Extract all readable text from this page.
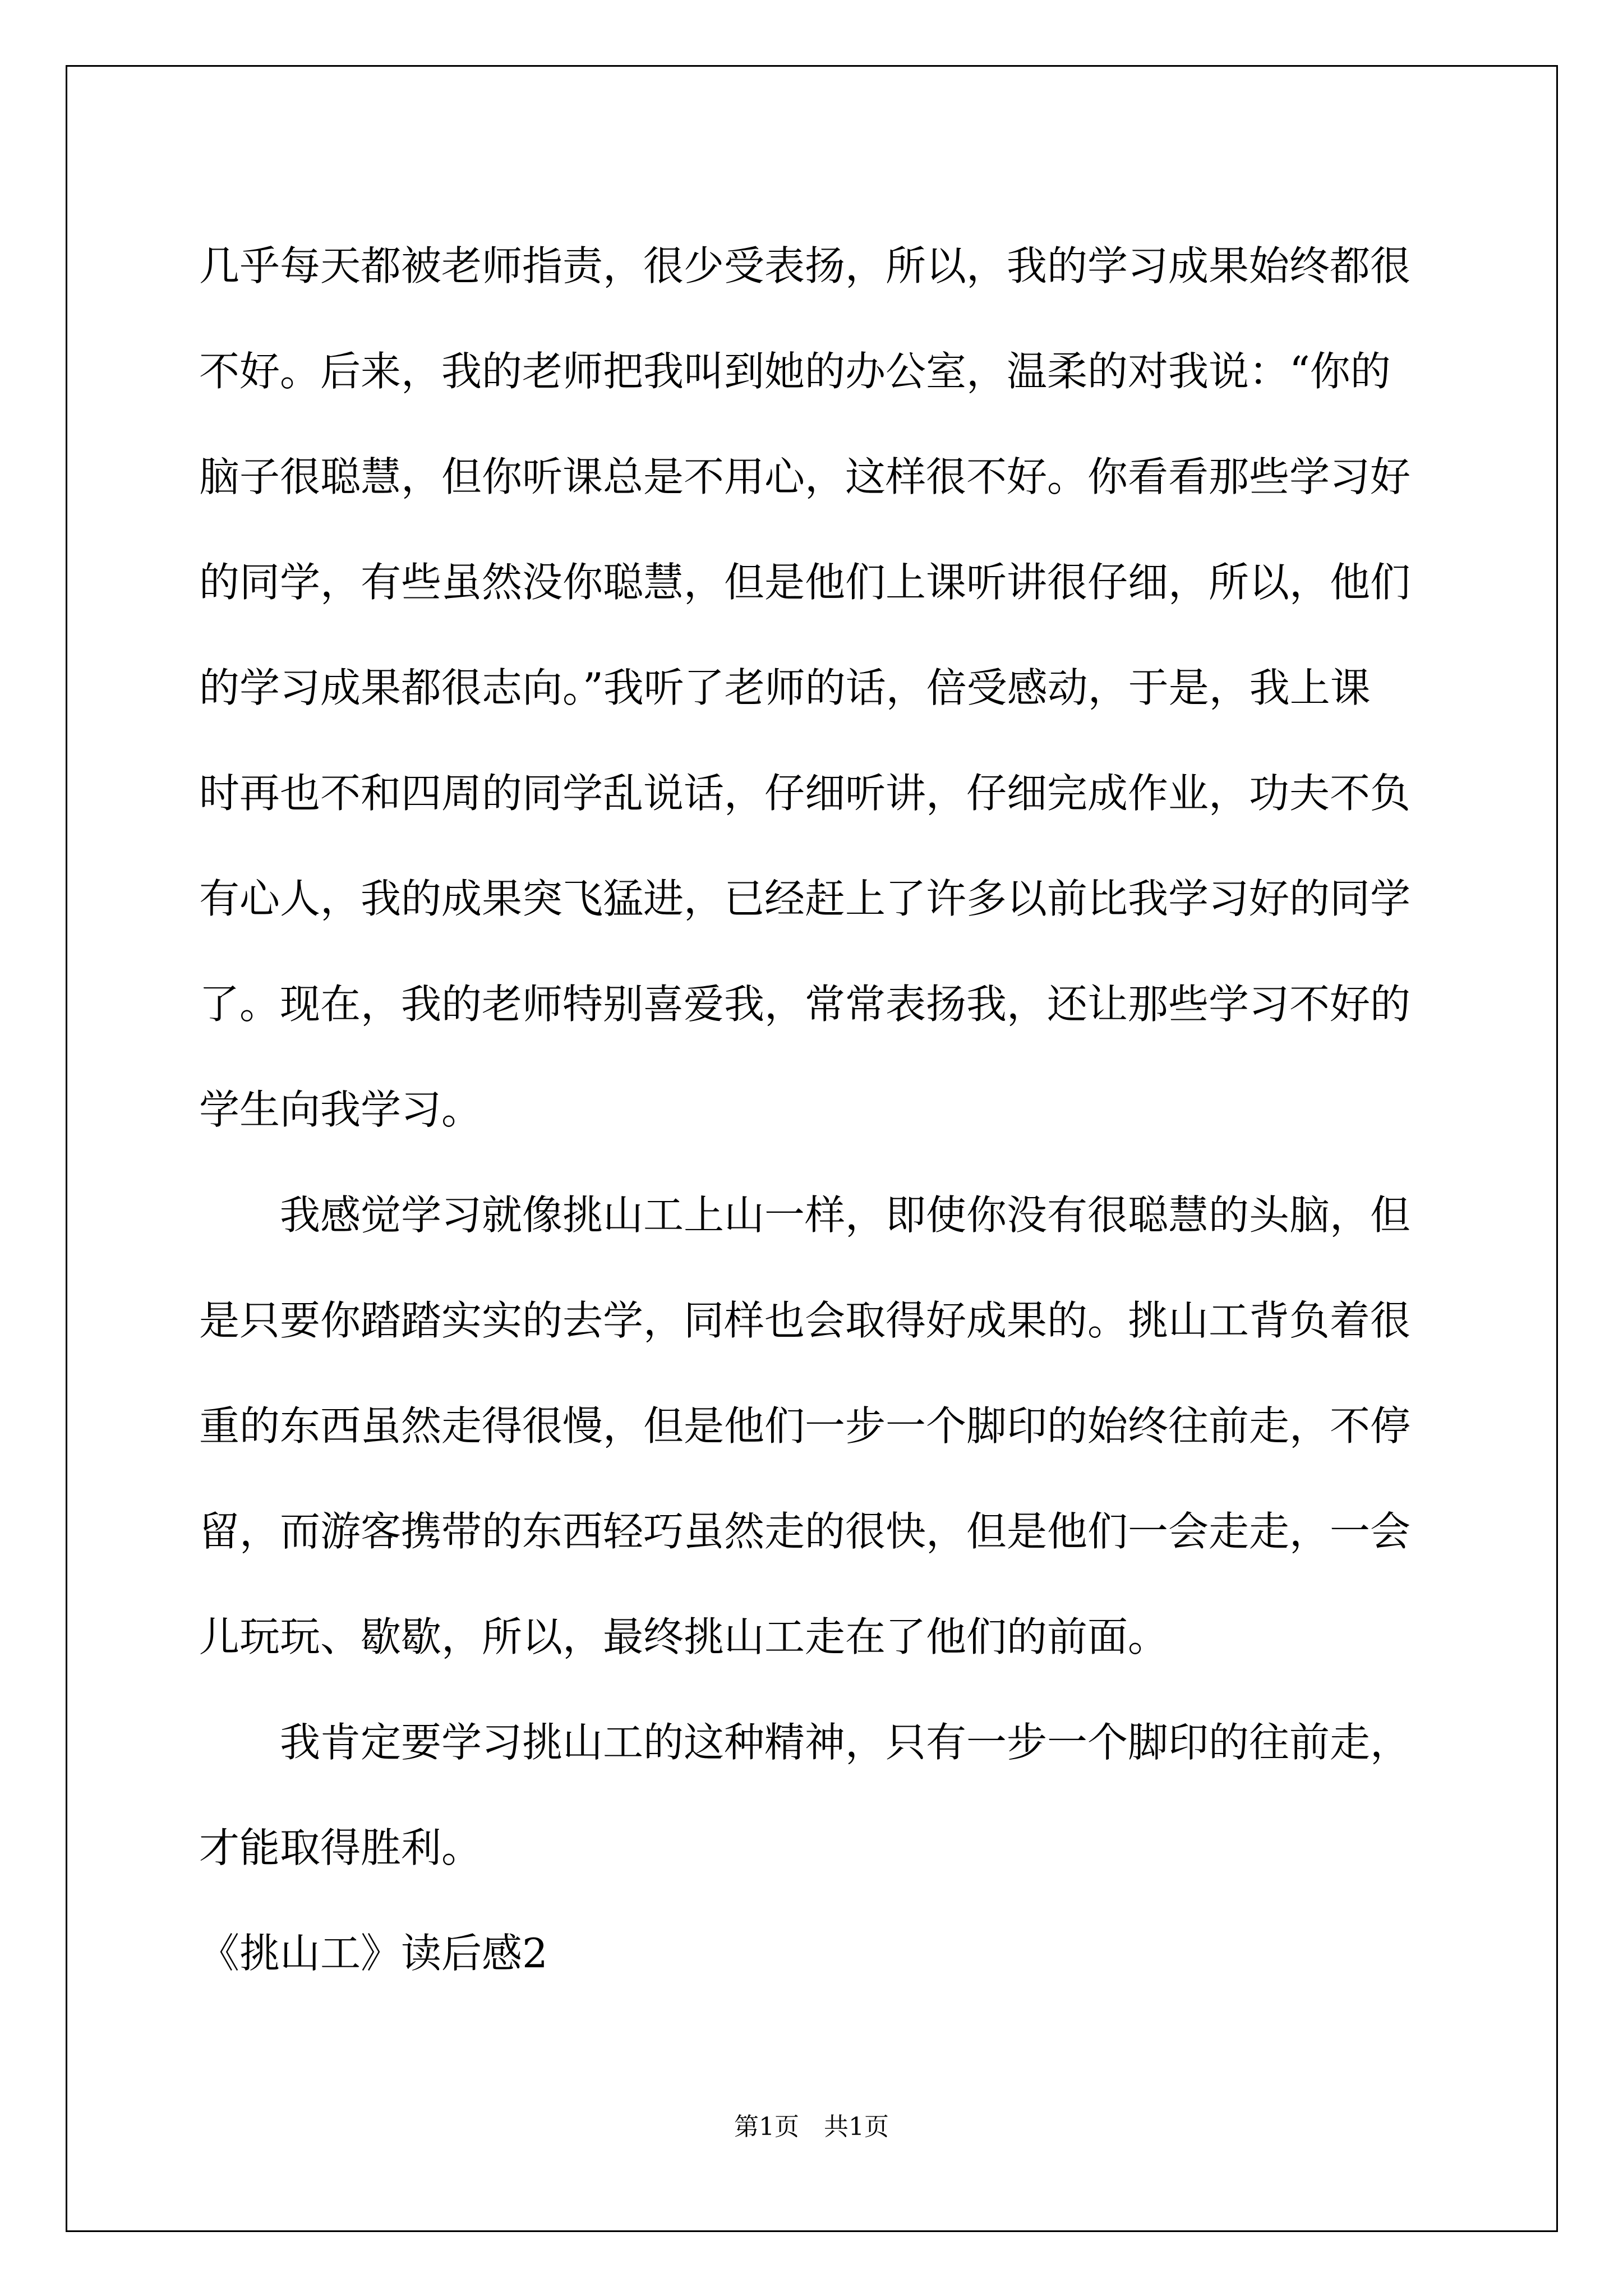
几乎每天都被老师指责，很少受表扬，所以，我的学习成果始终都很
不好。后来，我的老师把我叫到她的办公室，温柔的对我说：“你的
脑子很聪慧，但你听课总是不用心，这样很不好。你看看那些学习好
的同学，有些虽然没你聪慧，但是他们上课听讲很仔细，所以，他们
的学习成果都很志向。”我听了老师的话，倍受感动，于是，我上课
时再也不和四周的同学乱说话，仔细听讲，仔细完成作业，功夫不负
有心人，我的成果突飞猛进，已经赶上了许多以前比我学习好的同学
了。现在，我的老师特别喜爱我，常常表扬我，还让那些学习不好的
学生向我学习。
我感觉学习就像挑山工上山一样，即使你没有很聪慧的头脑，但
是只要你踏踏实实的去学，同样也会取得好成果的。挑山工背负着很
重的东西虽然走得很慢，但是他们一步一个脚印的始终往前走，不停
留，而游客携带的东西轻巧虽然走的很快，但是他们一会走走，一会
儿玩玩、歇歇，所以，最终挑山工走在了他们的前面。
我肯定要学习挑山工的这种精神，只有一步一个脚印的往前走，
才能取得胜利。
《挑山工》读后感2
第1页　共1页
